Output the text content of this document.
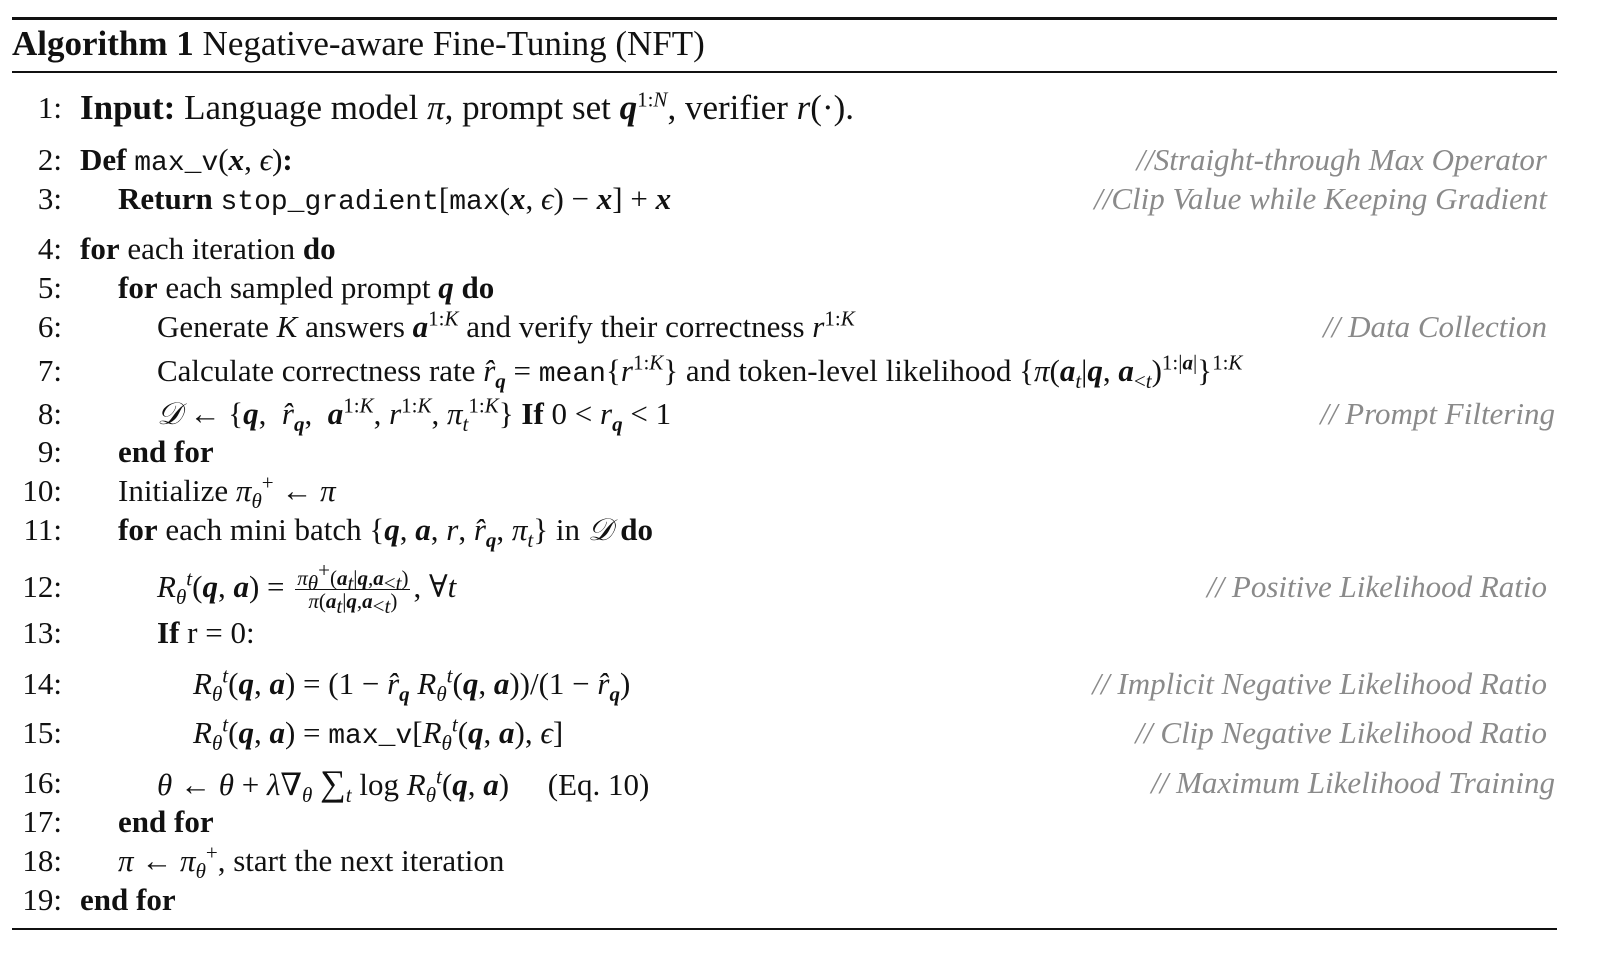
Algorithm 1 Negative-aware Fine-Tuning (NFT)
1: Input: Language model π, prompt set $q^{1:N}$, verifier r(·).
2: Def max_v(x, ϵ):	//Straight-through Max Operator
3: Return stop_gradient[max(x, ϵ) − x] + x	//Clip Value while Keeping Gradient
4: for each iteration do
5: for each sampled prompt q do
6:	Generate K answers $a^{1:K}$ and verify their correctness $r^{1:K}$	// Data Collection
7:	Calculate correctness rate $r̂_q$ = $mean\{r^{1:K}\}$ and token-level likelihood {$\pi(a_t|q$, $a_{<t})^{1:|a|}\}^{1:K}$
8:	𝒟 ← {q,  $r̂_q$,  $a^{1:K}$, $r^{1:K}$, $\pi_t^{1:K}$} If $0 < r_q < 1$	// Prompt Filtering
9: end for
10: Initialize $\pi_\theta^+$ ← π
11: for each mini batch {q, a, r, $r̂_q$, $\pi_t$} in 𝒟 do
12:	$R_\theta^t(q$, $a) = \frac{\pi_\theta^+(a_t|q,a_{<t})}{\pi(a_t|q,a_{<t})}$ , ∀t	// Positive Likelihood Ratio
13:	If r = 0:
14:	$R_\theta^t(q$, $a) = (1 - r̂_q$ $R_\theta^t(q$, $a))/(1 - r̂_q)$	// Implicit Negative Likelihood Ratio
15:	$R_\theta^t(q$, $a) = \max\_v[R_\theta^t(q$, a), ϵ]	// Clip Negative Likelihood Ratio
16:	θ ← $\theta + \lambda\nabla_\theta$ $\sum_t$ $\log R_\theta^t(q$, a)     (Eq. 10)	// Maximum Likelihood Training
17: end for
18: π ← $\pi_\theta^+$, start the next iteration
19: end for
